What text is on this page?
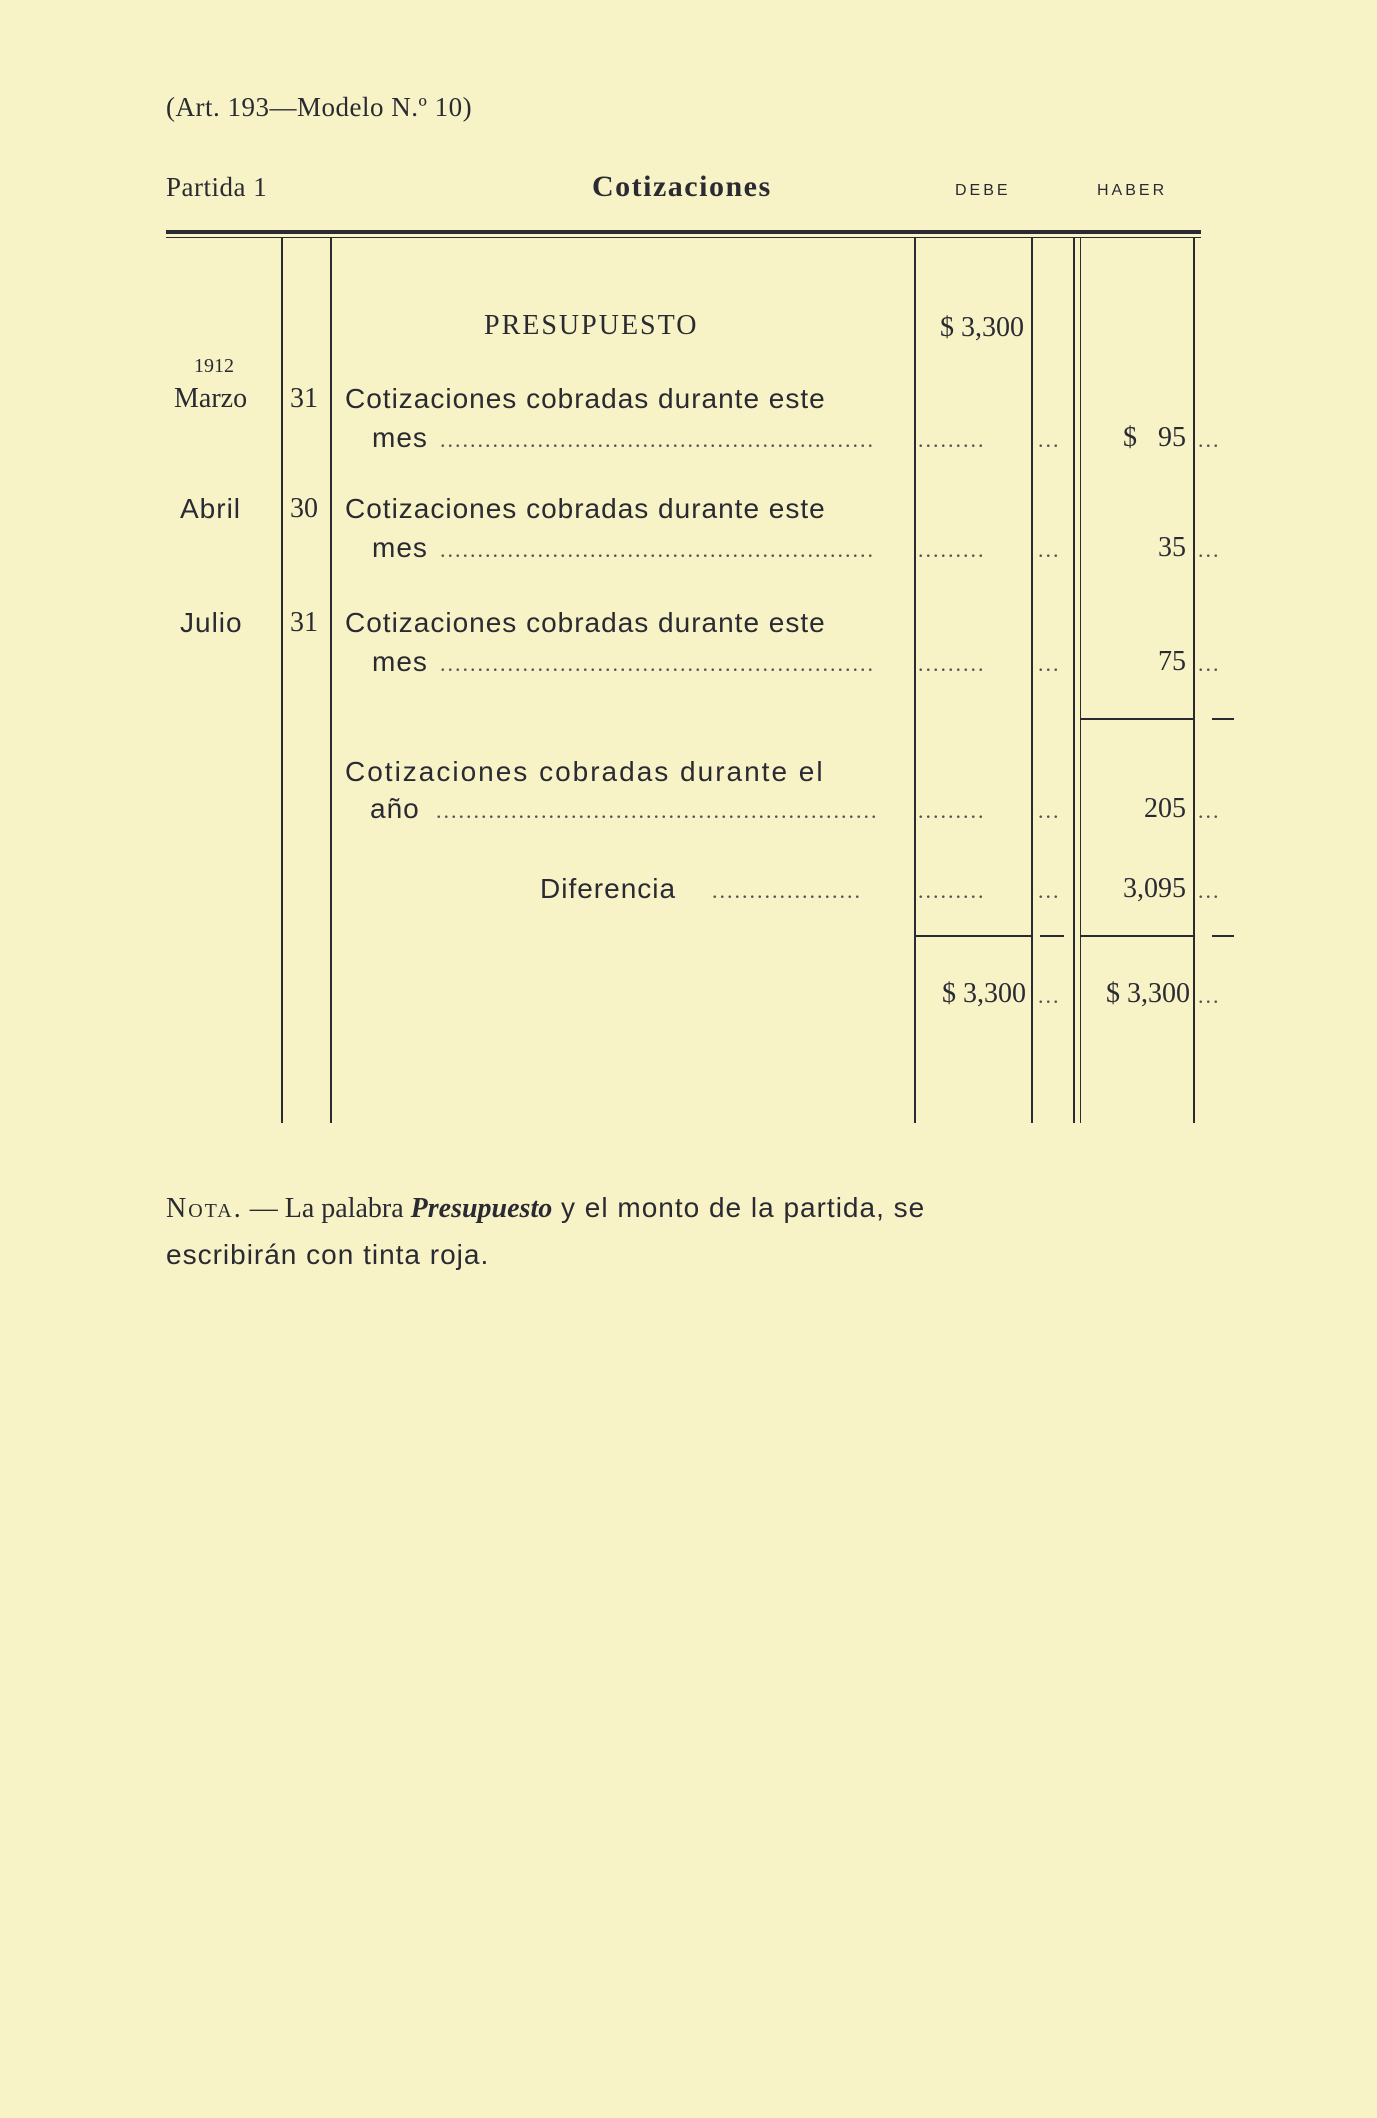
(Art. 193—Modelo N.º 10)
Partida 1	Cotizaciones	DEBE	HABER
PRESUPUESTO	$ 3,300
1912
Marzo 31 Cotizaciones cobradas durante este
mes .......................................................... ......... ...	$   95 ...
Abril 30 Cotizaciones cobradas durante este
mes .......................................................... ......... ...	35 ...
Julio 31 Cotizaciones cobradas durante este
mes .......................................................... ......... ...	75 ...
Cotizaciones cobradas durante el
año ........................................................... ......... ...	205 ...
Diferencia ....................	......... ...	3,095 ...
$ 3,300 ...	$ 3,300 ...
Nota. — La palabra Presupuesto y el monto de la partida, se
escribirán con tinta roja.
